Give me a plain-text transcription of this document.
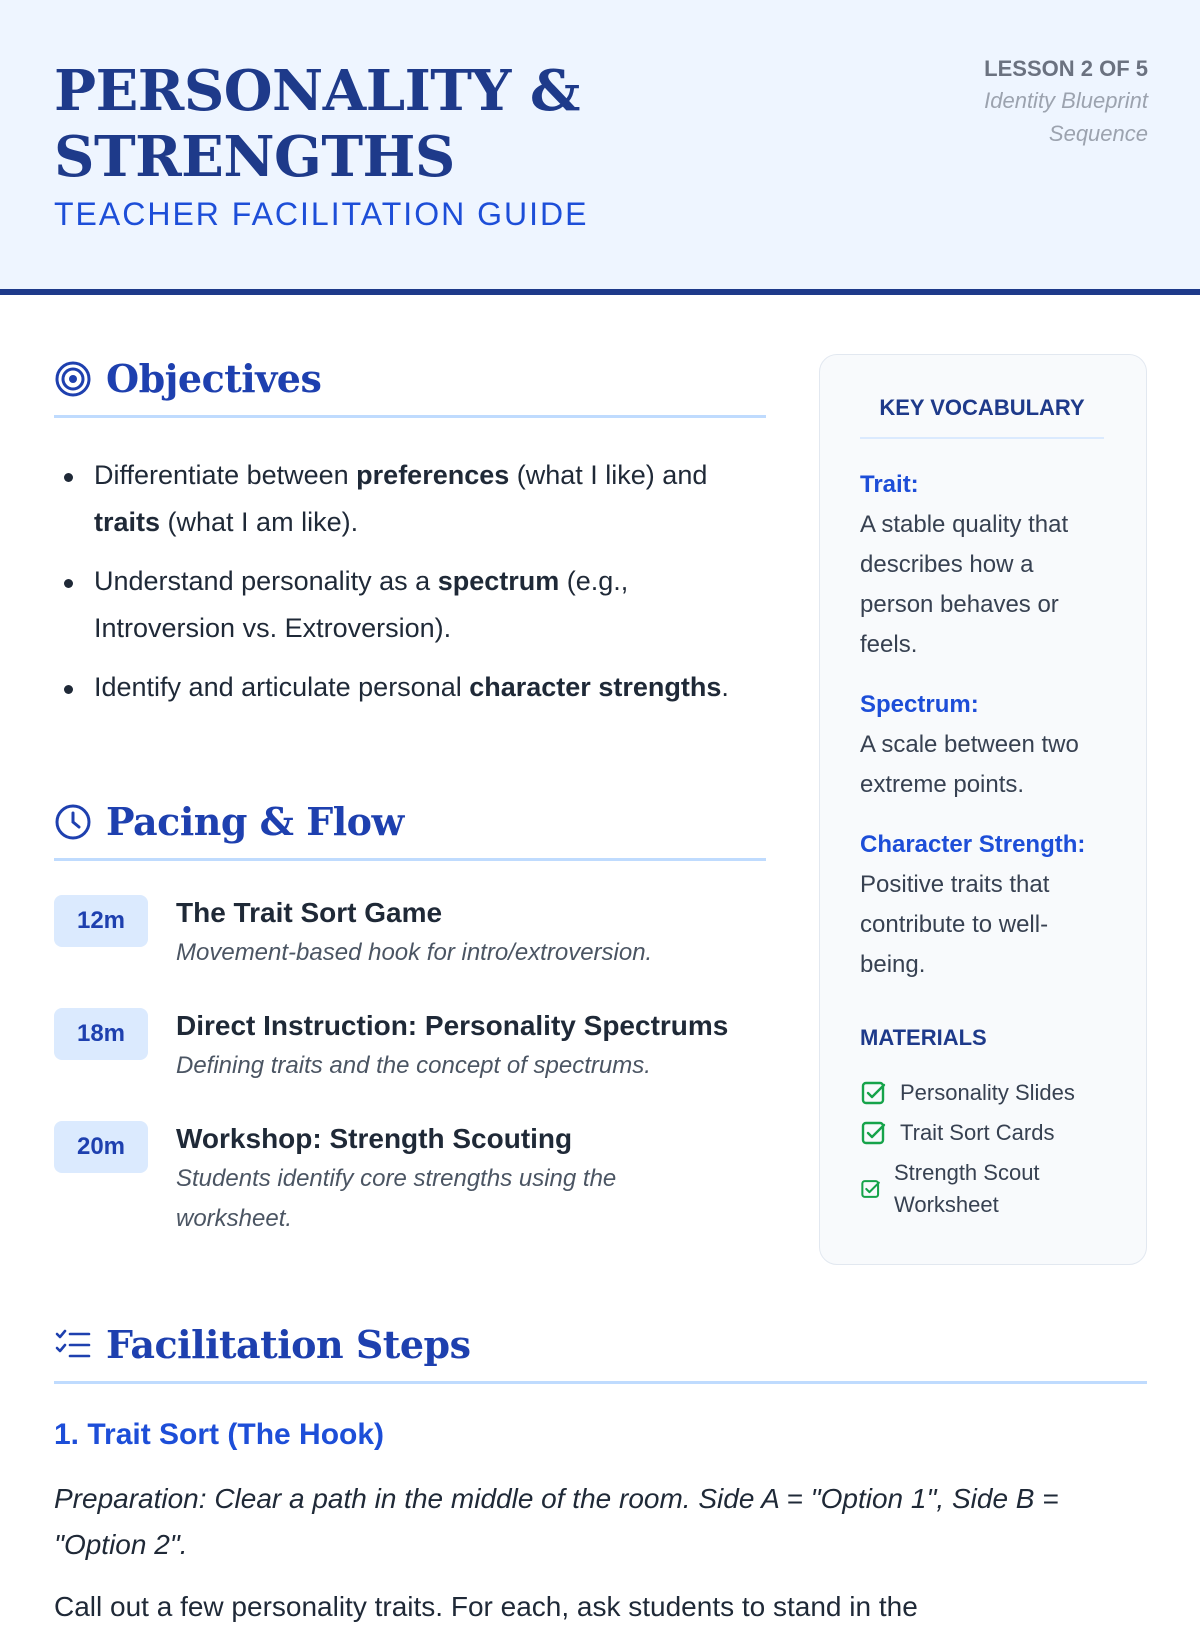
PERSONALITY &
STRENGTHS
TEACHER FACILITATION GUIDE
LESSON 2 OF 5
Identity Blueprint
Sequence
Objectives
Differentiate between preferences (what I like) and traits (what I am like).
Understand personality as a spectrum (e.g., Introversion vs. Extroversion).
Identify and articulate personal character strengths.
Pacing & Flow
12m	The Trait Sort Game
Movement-based hook for intro/extroversion.
18m	Direct Instruction: Personality Spectrums
Defining traits and the concept of spectrums.
20m	Workshop: Strength Scouting
Students identify core strengths using the worksheet.
KEY VOCABULARY
Trait:
A stable quality that describes how a person behaves or feels.
Spectrum:
A scale between two extreme points.
Character Strength:
Positive traits that contribute to well-being.
MATERIALS
Personality Slides
Trait Sort Cards
Strength Scout Worksheet
Facilitation Steps
1. Trait Sort (The Hook)
Preparation: Clear a path in the middle of the room. Side A = "Option 1", Side B = "Option 2".
Call out a few personality traits. For each, ask students to stand in the
